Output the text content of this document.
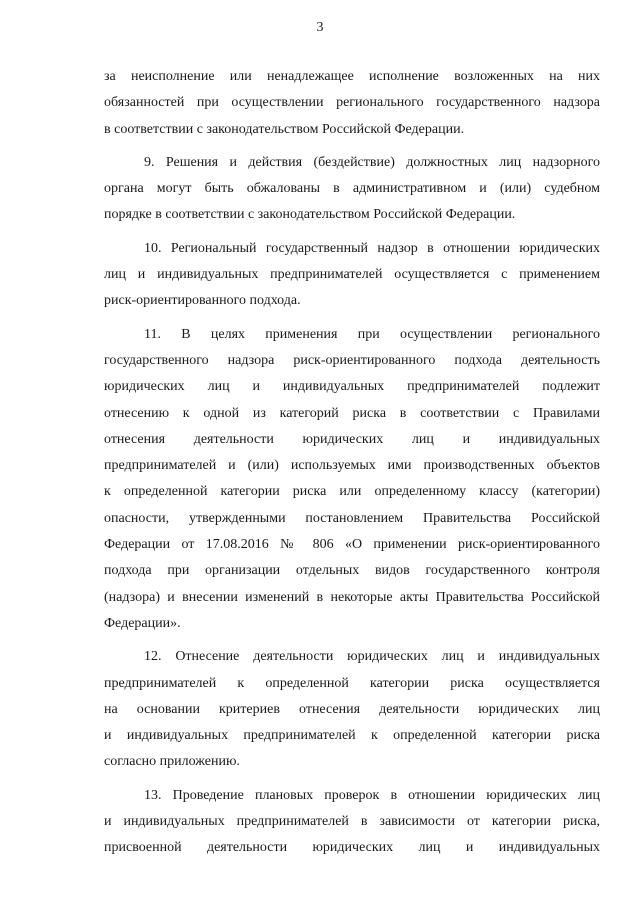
3

за неисполнение или ненадлежащее исполнение возложенных на них
обязанностей при осуществлении регионального государственного надзора
в соответствии с законодательством Российской Федерации.

9. Решения и действия (бездействие) должностных лиц надзорного
органа могут быть обжалованы в административном и (или) судебном
порядке в соответствии с законодательством Российской Федерации.

10. Региональный государственный надзор в отношении юридических
лиц и индивидуальных предпринимателей осуществляется с применением
риск-ориентированного подхода.

11. В целях применения при осуществлении регионального
государственного надзора риск-ориентированного подхода деятельность
юридических лиц и индивидуальных предпринимателей подлежит
отнесению к одной из категорий риска в соответствии с Правилами
отнесения деятельности юридических лиц и индивидуальных
предпринимателей и (или) используемых ими производственных объектов
к определенной категории риска или определенному классу (категории)
опасности, утвержденными постановлением Правительства Российской
Федерации от 17.08.2016 № 806 «О применении риск-ориентированного
подхода при организации отдельных видов государственного контроля
(надзора) и внесении изменений в некоторые акты Правительства Российской
Федерации».

12. Отнесение деятельности юридических лиц и индивидуальных
предпринимателей к определенной категории риска осуществляется
на основании критериев отнесения деятельности юридических лиц
и индивидуальных предпринимателей к определенной категории риска
согласно приложению.

13. Проведение плановых проверок в отношении юридических лиц
и индивидуальных предпринимателей в зависимости от категории риска,
присвоенной деятельности юридических лиц и индивидуальных
